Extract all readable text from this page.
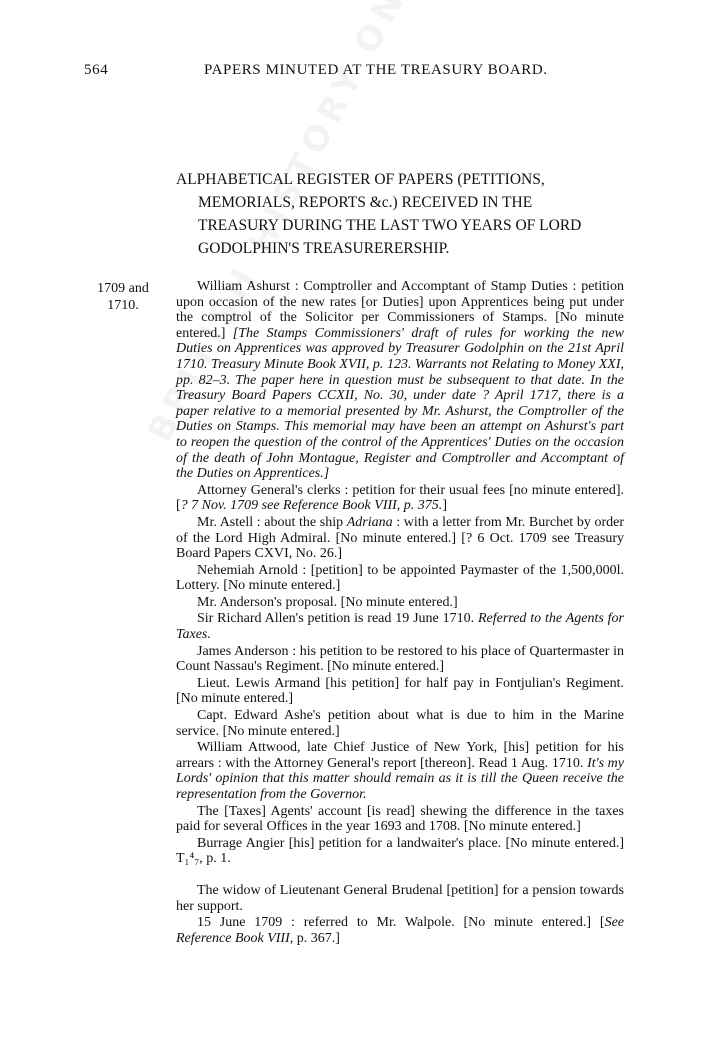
564	PAPERS MINUTED AT THE TREASURY BOARD.
ALPHABETICAL REGISTER OF PAPERS (PETITIONS,
MEMORIALS, REPORTS &c.) RECEIVED IN THE
TREASURY DURING THE LAST TWO YEARS OF LORD
GODOLPHIN'S TREASURERERSHIP.
1709 and
1710.

William Ashurst : Comptroller and Accomptant of Stamp Duties : petition upon occasion of the new rates [or Duties] upon Apprentices being put under the comptrol of the Solicitor per Commissioners of Stamps. [No minute entered.] [The Stamps Commissioners' draft of rules for working the new Duties on Apprentices was approved by Treasurer Godolphin on the 21st April 1710. Treasury Minute Book XVII, p. 123. Warrants not Relating to Money XXI, pp. 82–3. The paper here in question must be subsequent to that date. In the Treasury Board Papers CCXII, No. 30, under date ? April 1717, there is a paper relative to a memorial presented by Mr. Ashurst, the Comptroller of the Duties on Stamps. This memorial may have been an attempt on Ashurst's part to reopen the question of the control of the Apprentices' Duties on the occasion of the death of John Montague, Register and Comptroller and Accomptant of the Duties on Apprentices.]

Attorney General's clerks : petition for their usual fees [no minute entered]. [? 7 Nov. 1709 see Reference Book VIII, p. 375.]

Mr. Astell : about the ship Adriana : with a letter from Mr. Burchet by order of the Lord High Admiral. [No minute entered.] [? 6 Oct. 1709 see Treasury Board Papers CXVI, No. 26.]

Nehemiah Arnold : [petition] to be appointed Paymaster of the 1,500,000l. Lottery. [No minute entered.]

Mr. Anderson's proposal. [No minute entered.]

Sir Richard Allen's petition is read 19 June 1710. Referred to the Agents for Taxes.

James Anderson : his petition to be restored to his place of Quartermaster in Count Nassau's Regiment. [No minute entered.]

Lieut. Lewis Armand [his petition] for half pay in Fontjulian's Regiment. [No minute entered.]

Capt. Edward Ashe's petition about what is due to him in the Marine service. [No minute entered.]

William Attwood, late Chief Justice of New York, [his] petition for his arrears : with the Attorney General's report [thereon]. Read 1 Aug. 1710. It's my Lords' opinion that this matter should remain as it is till the Queen receive the representation from the Governor.

The [Taxes] Agents' account [is read] shewing the difference in the taxes paid for several Offices in the year 1693 and 1708. [No minute entered.]

Burrage Angier [his] petition for a landwaiter's place. [No minute entered.] T₁⁴₇, p. 1.

The widow of Lieutenant General Brudenal [petition] for a pension towards her support.

15 June 1709 : referred to Mr. Walpole. [No minute entered.] [See Reference Book VIII, p. 367.]
